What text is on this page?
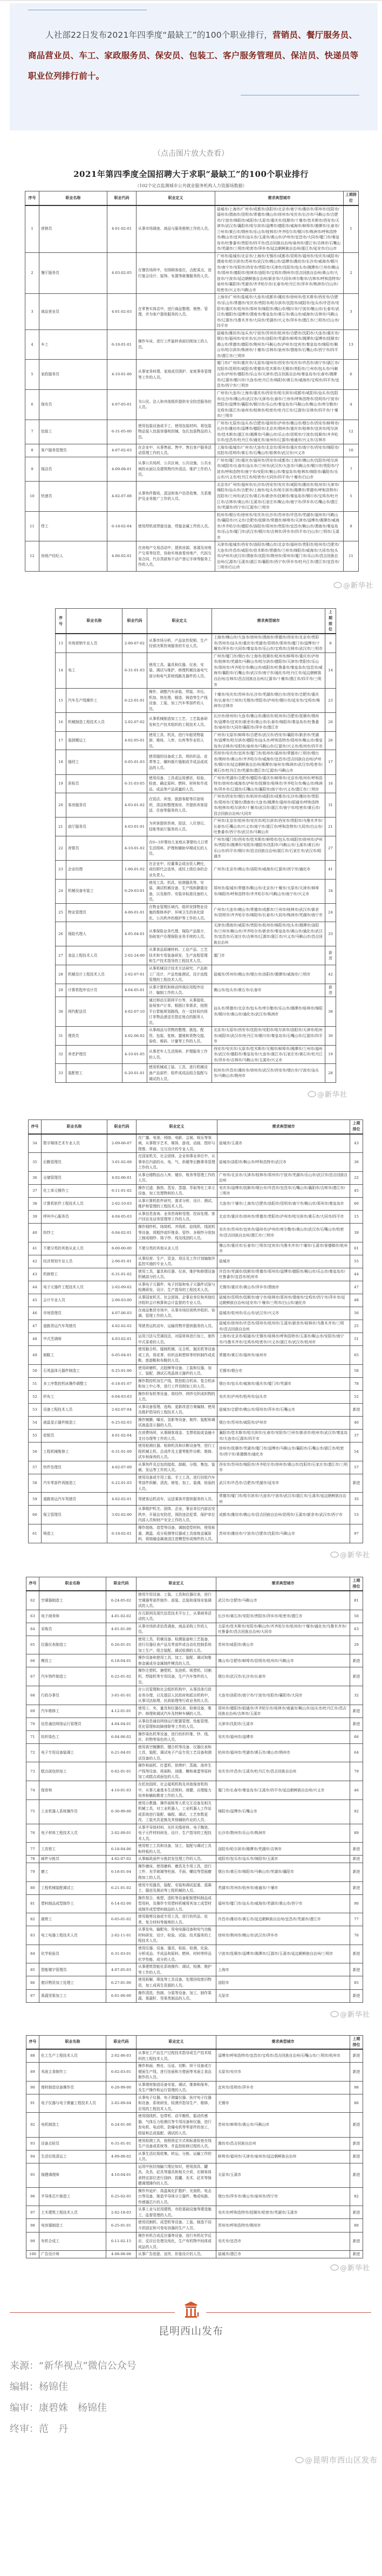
人社部22日发布2021年四季度“最缺工”的100个职业排行，营销员、餐厅服务员、商品营业员、车工、家政服务员、保安员、包装工、客户服务管理员、保洁员、快递员等职业位列排行前十。

（点击图片放大查看）
2021年第四季度全国招聘大于求职“最缺工”的100个职业排行
（102个定点监测城市公共就业服务机构人力资源场数据）
序号	职业名称	职业代码	职业定义	需求典型城市	上期排位
1	营销员	4-01-02-01	从事市场调查、商品与服务推销工作的人员。	盐城市/上海市/广州市/成都市/洛阳市/北京市/南宁市/潍坊市/郑州市/沈阳市/福州市/渭南市/昆明市/常德市/佛山市/徐州市/安庆市/长沙市/马鞍山市/合肥市/宁波市/绵阳市/咸阳市/太原市/重庆市/抚顺市/十堰市/佳木斯市/西安市/天津市/武汉市/襄阳市/哈尔滨市/淄博市/德阳市/威海市/蚌埠市/湘潭市/长春市/兰州市/黄石市/荆州市/乐山市/桂林市/齐齐哈尔市/铜川市/株洲市/呼和浩特市/鞍山市/宜宾市/汕头市/玉溪市/黄山市/泸州市/宜昌市/大同市/厦门市/秦皇岛市/吐鲁番市/贵阳市/四平市/昌吉回族自治州/泉州市/潜江市/吉林市/石嘴山市/芜湖市/三明市/哈密市/萍乡市/延边朝鲜族自治州/湛江市/延安市/白山市	1
2	餐厅服务员	4-03-02-05	在餐饮场所中，安排顾客座位，点配菜点，进行宴会设计、装饰、布置等就餐服务的人员。	广州市/盐城市/北京市/上海市/无锡市/成都市/昆明市/福州市/安庆市/咸阳市/渭南市/哈尔滨市/苏州市/武汉市/佛山市/淄博市/潍坊市/长沙市/威海市/铜川市/南宁市/安阳市/西安市/贵阳市/天津市/沈阳市/包头市/湘潭市/兰州市/鞍山市/郑州市/德阳市/桂林市/洛阳市/宝鸡市/荆州市/昌吉回族自治州/黄山市/大连市/宁波市/延边朝鲜族自治州/新余市/大同市/库尔勒市/吉林市/呼和浩特市/泉州市/襄阳市/芜湖市/齐齐哈尔市/长春市/牡丹江市/萍乡市/株洲市/白山市/哈密市/兴义市/马鞍山市	2
3	商品营业员	4-01-02-03	在零售实体店中，进行商品整理、销售、管理，并为客户提供服务的人员。	上海市/广州市/盐城市/大连市/成都市/潍坊市/徐州市/佳木斯市/西安市/合肥市/乐山市/常德市/安庆市/贵阳市/哈尔滨市/沈阳市/咸阳市/包头市/许昌市/安阳市/重庆市/杭州市/郑州市/绵阳市/佛山市/铜川市/宁波市/鞍山市/长春市/武汉市/德阳市/淄博市/渭南市/秦皇岛市/黄石市/黄山市/威海市/吉林市/马鞍山市/辽源市/乌鲁木齐市/大同市/芜湖市/兴义市/萍乡市/潜江市/三明市/白山市/四平市	3
4	车工	6-18-01-01	操作车床，进行工件旋转表面切削加工的人员。	盐城市/潍坊市/汕头市/宁波市/苏州市/杭州市/合肥市/沈阳市/大连市/重庆市/烟台市/福州市/安庆市/长沙市/洛阳市/芜湖市/蚌埠市/湘潭市/淄博市/抚顺市/黄山市/常德市/德阳市/荆州市/马鞍山市/泸州市/宜宾市/秦皇岛市/绵阳市/鞍山市/哈尔滨市/株洲市/十堰市/吉林市/泉州市/渭南市/石嘴山市/西宁市/四平市/潜江市/三明市	13
5	家政服务员	4-10-01-06	从事家务料理、家庭成员照护、家庭事务管理等工作的人员。	厦门市/广州市/重庆市/太原市/福州市/西安市/安庆市/许昌市/南宁市/湛江市/沈阳市/昆明市/咸阳市/常德市/佳木斯市/无锡市/贵阳市/兰州市/包头市/马鞍山市/泸州市/德阳市/乐山市/天津市/昌吉回族自治州/秦皇岛市/长春市/湘潭市/辽源市/铜川市/大连市/牡丹江市/绵阳市/黄石市/威海市/宝鸡市/四平市/宜昌市/西宁市/三明市	6
6	保安员	4-07-05-01	为公民、法人和其他组织提供安全防范服务的人员。	广州市/大连市/上海市/重庆市/西安市/哈尔滨市/成都市/咸阳市/汕头市/沈阳市/长沙市/佛山市/武汉市/天津市/长春市/兰州市/呼和浩特市/昆明市/宁波市/贵阳市/淄博市/襄阳市/铜川市/乐山市/秦皇岛市/马鞍山市/鞍山市/库尔勒市/宝鸡市/湛江市/泉州市/桂林市/哈密市/牡丹江市/辽源市/吉林市/四平市/十堰市/三明市	4
7	包装工	6-31-05-00	使用包装设备或手工，使用包装材料，将包装物品装入包装容器和封缄、包扎包装物品的人员。	广州市/太原市/汕头市/合肥市/福州市/泸州市/佛山市/烟台市/西安市/蚌埠市/长沙市/潍坊市/淄博市/德阳市/北京市/荆州市/重庆市/桂林市/宜宾市/哈尔滨市/佳木斯市/湛江市/湘潭市/马鞍山市/乐山市/昆明市/宁波市/抚顺市/齐齐哈尔市/宜昌市/牡丹江市/通化市/泉州市/辽源市/南通市/兴义市/吉林市	12
8	客户服务管理员	4-07-02-03	在企业中，从事售前、售中、售后客户服务活动管理工作的人员。	上海市/盐城市/广州市/大连市/北京市/郑州市/重庆市/南宁市/西安市/绵阳市/沈阳市/昆明市/黄石市/石嘴山市/桂林市/武汉市/兴义市	10
9	保洁员	4-09-08-01	从事公共场所、公共区域、公共设施、公共水域的水面以及建筑物内外清洁、维护工作的人员。	广州市/厦门市/重庆市/福州市/西安市/成都市/上海市/佛山市/沈阳市/哈尔滨市/咸阳市/长春市/汕头市/兰州市/武汉市/大连市/马鞍山市/铜川市/贵阳市/宁波市/呼和浩特市/南宁市/安阳市/鞍山市/秦皇岛市/桂林市/绵阳市/襄阳市/乐山市/兴义市/牡丹江市/哈密市/大同市/四平市/十堰市/白山市	7
10	快递员	4-02-07-08	从事快件揽收、派送和客户信息收集、关系维护及业务推广工作的人员。	北京市/广州市/福州市/长沙市/西安市/安庆市/咸阳市/潍坊市/杭州市/天津市/绵阳市/汕头市/合肥市/上海市/包头市/哈尔滨市/湘潭市/常德市/呼和浩特市/沈阳市/兰州市/武汉市/黄石市/新余市/抚顺市/秦皇岛市/铜川市/宝鸡市/牡丹江市/吉林市/黄山市/玉溪市/石家庄市/鞍山市/南宁市/萍乡市/石嘴山市/潜江市/芜湖市/西宁市/辽源市/三明市	5
11	焊工	6-18-02-04	使用焊机或焊接设备，焊接金属工件的人员。	杭州市/烟台市/徐州市/安庆市/长沙市/苏州市/许昌市/芜湖市/福州市/马鞍山市/襄阳市/兴义市/合肥市/抚顺市/常德市/蚌埠市/天津市/淄博市/湘潭市/威海市/齐齐哈尔市/德阳市/洛阳市/郑州市/贵阳市/宜昌市/鞍山市/渭南市/秦皇岛市/乐山市/厦门市/武汉市/铜川市/吉林市/萍乡市/四平市/白山市/三明市/玉溪市	9
12	房地产经纪人	4-06-02-01	在房地产交易活动中，提供房源、客源及房地产交易等信息，协助实地查看房地产，代拟交易合同、代办贷款和不动产登记手续等服务工作的人员。	天津市/盐城市/西安市/洛阳市/佛山市/北京市/福州市/贵阳市/杭州市/合肥市/大连市/许昌市/咸阳市/佳木斯市/常德市/兰州市/绵阳市/威海市/大同市/包头市/泸州市/武汉市/渭南市/沈阳市/荆州市/郑州市/厦门市/乐山市/昌吉回族自治州/辽源市/玉溪市/湛江市/襄阳市/西宁市/萍乡市/牡丹江市/潜江市/宜昌市/三明市/白山市	11
@新华社
序号	职业名称	职业代码	职业定义	需求典型城市	上期排位
13	市场营销专业人员	2-06-07-02	从事市场分析、产品宣传促销、生产经营决策咨询服务的专业人员。	上海市/佛山市/大连市/徐州市/渭南市/常德市/西安市/北京市/贵阳市/苏州市/汕头市/重庆市/芜湖市/昆明市/郑州市/厦门市/淄博市/十堰市/萍乡市/大同市/秦皇岛市/乐山市/宝鸡市/吉林市/武汉市/三明市	8
14	电工	6-31-01-03	使用工具、量具和仪器、仪表，安装、调试与维护、修理机械设备电气部分和电气系统线路及器件的人员。	广州市/厦门市/烟台市/上海市/抚顺市/杭州市/蚌埠市/重庆市/泸州市/桂林市/芜湖市/马鞍山市/哈尔滨市/德阳市/天津市/贵阳市/乐山市/郑州市/齐齐哈尔市/鞍山市/咸阳市/吐鲁番市/秦皇岛市/宜昌市/威海市/襄阳市/石嘴山市/武汉市/南宁市/通化市/牡丹江市/延边朝鲜族自治州/吉林市/昌吉回族自治州/辽源市/十堰市/潜江市/四平市/三明市	14
15	汽车生产线操作工	6-22-01-01	操作、调整汽车涂装、焊装、冲压、机加、热处理、锻造、铸造等生产线设备、工装，加工汽车零部件的人员。	十堰市/安庆市/苏州市/长沙市/芜湖市/烟台市/西安市/合肥市/重庆市/长春市/兰州市/无锡市/贵阳市/泸州市/铜川市/延安市/宝鸡市/株洲市/吉林市	23
16	机械制造工程技术人员	2-02-07-02	从事机械制造加工工艺、工艺装备研发和生产技术组织的工程技术人员。	长沙市/徐州市/大连市/佛山市/潍坊市/杭州市/合肥市/抚顺市/荆州市/淄博市/宜宾市/新余市/黄山市/长春市/绵阳市/秦皇岛市/吐鲁番市/泉州市/大同市/襄阳市/萍乡市/潜江市	20
17	装卸搬运工	4-02-05-01	使用工具、机具，进行车船货物装卸、堆垛、入库、出库等作业的人员。	广州市/太原市/蚌埠市/合肥市/武汉市/西安市/襄阳市/新余市/芜湖市/淄博市/哈尔滨市/德阳市/汕头市/呼和浩特市/郑州市/鞍山市/秦皇岛市/吉林市/安阳市/泉州市/马鞍山市/辽源市/兴义市/杭州市/四平市	26
18	缝纫工	6-05-01-03	使用缝纫设备或工具，将纺织品、皮革等主、辅料裁片缝制成半成品或成品的人员。	苏州市/安庆市/宜宾市/厦门市/杭州市/福州市/常德市/三明市/烟台市/荆州市/黄山市/齐齐哈尔市/威海市/宜昌市/昌吉回族自治州/泸州市/铜川市/延边朝鲜族自治州/湘潭市/泉州市/株洲市/武汉市/哈密市/黄石市/牡丹江市/芜湖市/潜江市/辽源市/马鞍山市	17
19	质检员	6-31-03-05	使用设备、工具或运用感官，检验、检查、确定原料、燃料、材料和半成品、成品等产品质量的人员。	广州市/芜湖市/合肥市/德阳市/重庆市/蚌埠市/北京市/杭州市/呼和浩特市/徐州市/威海市/泸州市/抚顺市/桂林市/齐齐哈尔市/鞍山市/株洲市/萍乡市/辽源市/石嘴山市/襄阳市/南宁市/兴义市/潜江市/三明市	16
20	客房服务员	4-03-01-02	在饭店、宾馆、旅游客船等住宿场所，清洁和整理客房，并提供宾客迎送、住宿等服务的人员。	广州市/西安市/烟台市/杭州市/咸阳市/成都市/长沙市/潍坊市/贵阳市/郑州市/无锡市/渭南市/大连市/湘潭市/福州市/昭通市/呼和浩特市/桂林市/哈尔滨市/十堰市/武汉市/湛江市/南宁市/哈密市/黄石市/昌吉回族自治州/大同市	31
21	前厅服务员	4-03-01-01	为宾客提供咨询、迎送、入住登记、结账等前厅服务的人员。	广州市/北京市/杭州市/安庆市/哈尔滨市/西安市/贵阳市/乌鲁木齐市/长春市/石嘴山市/兴义市/南宁市/湛江市/呼和浩特市/大同市/白山市/吐鲁番市/西宁市/武汉市/马鞍山市	21
22	育婴员	4-10-01-02	在0~3岁婴幼儿家庭从事婴幼儿日常生活照料、护理和辅助早期成长的人员。	广州市/厦门市/西安市/佳木斯市/蚌埠市/包头市/咸阳市/徐州市/泸州市/贵阳市/湘潭市/安阳市/德阳市/沈阳市/马鞍山市/玉溪市/黄石市/乐山市/四平市/铜川市/昌吉回族自治州/湛江市/石家庄市/武汉市/昭通市	27
23	企业经理	1-06-01-02	在企业中，经董事会或出资人聘任，或经职代会选举，或经上级任命的企业负责人。	广州市/北京市/佛山市/洛阳市/威海市/辽源市/西宁市/通化市	41
24	机械设备安装工	6-29-03-01	使用工具、机具、检测器具等，安装、调试机械设备、生产线和静置设备，以及制作、安装非标准设备的人员。	郑州市/盐城市/常德市/鞍山市/北京市/十堰市/太原市/天津市/蚌埠市/绵阳市/呼和浩特市/齐齐哈尔市/马鞍山市/南宁市/兴义市	34
25	物业管理员	4-06-01-01	在物业管理区域内，组织安排物业设施的维修养护、环境卫生的美化绿化、公共秩序的维护等工作的人员。	广州市/大连市/佛山市/常德市/成都市/兰州市/桂林市/武汉市/新余市/昆明市/齐齐哈尔市/绵阳市/长春市/大同市/株洲市/芜湖市/南宁市	24
26	保险代理人	4-05-04-01	从事保险业务代理、保险产品推介，协助客户办理保险业务手续的人员。	天津市/渭南市/咸阳市/贵阳市/杭州市/绵阳市/包头市/湘潭市/洛阳市/兰州市/鞍山市/齐齐哈尔市/新余市/秦皇岛市/黄山市/通化市/武汉市/宜昌市/石家庄市/吉林市/辽源市/湛江市/兴义市/马鞍山市/昌吉回族自治州	33
27	食品工程技术人员	2-02-24-00	从事食品原辅材料、工业产品、工艺技术和专用装备研发，生产流程管理和生产技术指导的工程技术人员。	厦门市	新进
28	机械设计工程技术人员	2-02-07-01	从事机械设计技术方法研究、产品和工厂设计、产品性能测试、设计流程管理的工程技术人员。	盐城市/苏州市/佛山市/烟台市/洛阳市/湘潭市/威海市/三明市	42
29	计算机程序设计员	4-04-05-01	从事计算机和移动终端应用程序设计、编制工作的人员。	佛山市/包头市/黄石市/长春市	新进
30	网约配送员	4-02-07-10	通过移动互联网平台等，从事接收、验视客户订单，根据订单需求，按照平台智能规划路线，在一定时间内将订单物品递送至指定地点的服务人员。	汕头市/常德市/北京市/包头市/库尔勒市/乐山市/湘潭市/桂林市/绵阳市/铜川市/黄山市/通化市/武汉市/株洲市	38
31	理货员	4-02-06-02	从事商品与货物的整理、挑选、配货、包装、复核、置唛和货物交接、验收、堆码、计量等工作的人员。	北京市/太原市/西安市/沈阳市/安阳市/哈尔滨市/洛阳市/天津市/杭州市/咸阳市/武汉市/牡丹江市/铜川市/秦皇岛市/石嘴山市/辽源市/四平市	30
32	养老护理员	4-10-01-05	从事老年人生活照料、护理服务工作的人员。	西安市/安庆市/太原市/佳木斯市/无锡市/蚌埠市/湘潭市/兰州市/福州市/武汉市/德阳市/秦皇岛市/大连市/湛江市/石家庄市/黄石市/牡丹江市/萍乡市/吉林市/马鞍山市/玉溪市/兴义市	19
33	装配钳工	6-20-01-01	使用机械或工装、工具，进行机械设备产品部件、组件或成品组合装配与调试的人员。	杭州市/许昌市/潍坊市/徐州市/武汉市/西安市/烟台市/宁波市/汕头市/马鞍山市/荆州市	28
@新华社
序号	职业名称	职业代码	职业定义	需求典型城市	上期排位
34	数字媒体艺术专业人员	2-09-06-07	在广播、电视、网络、电影、会展、娱乐等领域，从事数字艺术、媒体、游戏、动画、图形与图像、界面、交互设计的专业人员。	盐城市/玉溪市	43
35	后勤管理员	3-01-02-08	在国家机关、社会团体、企业和事业单位中，从事单位内部的水、电、气、供暖等后勤事务管理工作的人员。	盐城市/洛阳市/鞍山市/呼和浩特市/武汉市	36
36	仓储管理员	4-02-06-01	从事仓储物品出入库、储存、账务等管理工作的人员。	广州市/北京市/天津市/桂林市/郑州市/宁波市/芜湖市/乐山市/武汉市/昌吉回族自治州	22
37	化工单元操作工	6-11-01-02	操作过滤、换热、蒸发、蒸馏、萃取等化工单元设备，加工处理物料的人员。	安庆市/淄博市/抚顺市/烟台市/许昌市/宜昌市/石嘴山市/襄阳市/吉林市/潜江市/三明市	45
38	计算机软件工程技术人员	2-02-10-03	从事计算机软件研究、需求分析、设计、测试、维护和管理的工程技术人员。	大连市/十堰市/上海市/合肥市/洛阳市/昆明市/南宁市/鞍山市/郑州市/秦皇岛市	60
39	呼叫中心服务员	4-04-05-03	从事信息查询、业务咨询和受理、投诉处理、客户回访及话务管理等工作的人员。	北京市/重庆市/徐州市/常德市/贵阳市/泸州市/哈尔滨市/黄石市/大同市/四平市	15
40	纺纱工	6-04-02-01	操作细纱机、络筒机、并线机、捻线机、线团机等设备，将粗纱或纤维条、管纱、多根纱分别加工制成细纱、筒子纱、线及线团的人员。	安庆市/苏州市/宜宾市/福州市/泸州市/库尔勒市/黄山市/武汉市/石嘴山市/哈密市/昌吉回族自治州/潜江市/三明市	39
41	不便分类的其他从业人员	8-00-00-00	不便分类的其他从业人员	佛山市/重庆市/长春市/三明市/宜宾市/乌鲁木齐市/十堰市/玉溪市/景德镇市/杭州市	61
42	经济规划专业人员	2-06-01-01	从事经营、生产、资金、项目及工作计划编制并监控实施的专业人员。	盐城市	55
43	机修钳工	6-31-01-02	使用工具、量具和仪器、仪表，维护和修理设备机械部分的人员。	许昌市/芜湖市/抚顺市/常德市/郑州市/淄博市/德阳市/鞍山市/乐山市/秦皇岛市/吐鲁番市/宜昌市/杭州市	44
44	电子元器件工程技术人员	2-02-09-02	从事电子元器件、电子封装和电子元器件试验与检测研发、设计、生产指导的工程技术人员。	无锡市/重庆市/黄山市/萍乡市/渭南市	47
45	会计专业人员	2-06-03-00	从事国家机关、社会团体、企事业单位和其他经济组织会计核算和会计监督的专业人员。	盐城市/昆明市/抚顺市/南宁市/桂林市/郑州市/渭南市/宝鸡市/西宁市/萍乡市/延边朝鲜族自治州/延安市/十堰市/三明市/白山市/通化市	48
46	市场管理员	4-07-06-03	在商品集贸市场中，从事市场经营秩序组织、协调、管理工作的人员。	盐城市/杭州市/乐山市/武汉市/兴义市	56
47	道路货运汽车驾驶员	4-02-02-02	驾驶货运机动车，运输货物并提供服务的人员。	盐城市/徐州市/许昌市/郑州市/杭州市/玉溪市/新余市/桂林市/乌鲁木齐市/三明市/昌吉回族自治州	25
48	中式烹调师	4-03-02-01	运用刀法与烹调技法，对原材料进行加工，制作中式菜肴的人员。	上海市/北京市/昭通市/无锡市/桂林市/呼和浩特市/玉溪市/鞍山市/安阳市/南宁市/乌鲁木齐市/宝鸡市/哈密市/兴义市/湛江市/武汉市/杭州市	51
49	制鞋工	6-05-04-01	使用黏合机、缝制机械、压合机、抛光机等设备或工具，将皮革、纺织品和塑料等材料制作成皮鞋、旅游鞋和布鞋的人员。	常德市/黄石市/福州市/泉州市	65
50	石英晶体元器件制造工	6-25-01-06	使用研磨机、点胶棒等设备、工装和仪器，加工、装配、测试石英晶体元器件的人员。	无锡市/烟台市	58
51	多工序数控机床操作调整工	6-18-01-07	操作数控机加生产线、数控组合机床、复合机床和加工中心等，进行工件切削加工的人员。	烟台市/包头市/威海市/重庆市/厦门市/芜湖市	78
52	织布工	6-04-03-03	操作织布机等设备，将经纱、纬纱交织成织物的人员。	安庆市/泸州市/杭州市/汕头市	52
53	设备工程技术人员	2-02-07-04	从事设备管理、选购、更新改造方案编制、使用及维护指导的工程技术人员。	盐城市/合肥市/佛山市/郑州市/萍乡市/石嘴山市	新进
54	液晶显示器件制造工	6-25-02-03	操作镀膜、曝光、显影等设备，制作、装配和调试液晶显示器的人员。	烟台市/苏州市/咸阳市/泸州市	40
55	收银员	4-01-02-04	在消费场所，从事顾客现金、支票收取或金融卡支付办理等工作的人员。	襄阳市/佳木斯市/哈尔滨市/长春市/安阳市/兰州市/新余市/杭州市/武汉市/秦皇岛市/大连市/辽源市/四平市	37
56	工程机械维修工	6-31-01-09	使用检测仪器、检修机具和诊断设备等，进行工程机械主机、总成件及主要零配件诊断、维修、试车和保养的人员。	徐州市/抚顺市/芜湖市/厦门市/淄博市/马鞍山市/襄阳市/石嘴山市/湛江市/哈密市/西宁市/景德镇市/通化市	54
57	快件处理员	4-02-07-09	从事快件及总包的接收、卸载、分拨、集包、装载、发运等工作的人员。	西安市/苏州市/绵阳市/齐齐哈尔市/徐州市/黄山市/沈阳市/石家庄市/潜江市/三明市	57
58	汽车零部件再制造工	6-22-01-03	使用设备或专用工装、手工工具，进行回收汽车零部件拆解、清洗、修复、加工、装调、检验的人员。	武汉市/许昌市/合肥市/芜湖市/延安市	新进
59	道路客运汽车驾驶员	4-02-02-01	驾驶客运机动车，运送乘客并提供服务的人员。	常德市/厦门市/哈尔滨市/大连市/宁波市/武汉市/湛江市/玉溪市/延边朝鲜族自治州	35
60	保卫管理员	3-02-02-00	从事维护机关、团体、企业、事业单位内部治安秩序，开展治安防范，预防违法犯罪，保护单位内部人员和财产安全工作的人员。	成都市/潍坊市/佛山市/昌吉回族自治州/昆明市/玉溪市/新余市/武汉市/西宁市	53
61	铸造工	6-18-02-01	操作熔炼、造型等设备，调制造型材料，使用称重、测温、成分检测等仪器或工具熔炼金属原料，将熔融金属液浇注进模型形成铸件的人员。	苏州市/潍坊市/宁波市/合肥市/沈阳市/马鞍山市	97
@新华社
序号	职业名称	职业代码	职业定义	需求典型城市	上期排位
62	空调器制造工	6-24-05-02	使用专用设备、工装、工具和仪器仪表，进行空调器零部件制作、部装、总装和现场安装调试的人员。	武汉市/合肥市/马鞍山市	81
63	电子商务师	4-01-02-02	在互联网及现代信息技术平台上，从事商务活动的人员。	长沙市/黄石市/安阳市/贵阳市/萍乡市/哈密市/潜江市	50
64	采购员	4-01-01-00	从事市场供求信息调查、商品采购工作的人员。	太原市/佳木斯市/安阳市/鞍山市/齐齐哈尔市/杭州市/十堰市/通化市/乌鲁木齐市/吐鲁番市/昌吉回族自治州/大同市	63
65	仪器仪表制造工	6-26-01-01	使用工具、机械设备、检测装备和工艺装备，进行仪器仪表产品及零部件或自动化控制系统加工生产、组合装配、调试检测的人员。	苏州市/咸阳市/黄山市	29
66	模具工	6-18-04-01	操作设备和使用工具，加工、装配、调试和维修金属或非金属制件模具的人员。	佛山市/合肥市/蚌埠市/昆明市/杭州市/马鞍山市	新进
67	汽车饰件制造工	6-22-01-02	操作注塑机、搪塑机、发泡机、吸塑机、切割机、焊接机等专用设备，生产汽车饰件的人员。	烟台市/武汉市/长沙市/长春市	新进
68	行政办事员	3-01-01-01	在公共管理和社会组织机构中，从事具体行政业务办理，以及基层人民政府和派出机构中，从事司法助理、民政助理等行政业务的人员。	大连市/洛阳市/南宁市/宁波市/安阳市/襄阳市/大同市	32
69	汽车维修工	4-12-01-01	使用工、夹、量具和仪器仪表、检修设备，维护、修理和调试汽车及特种车辆的人员。	郑州市/德阳市/昭通市/齐齐哈尔市/桂林市/南通市/鞍山市/汕头市/牡丹江市/昌吉回族自治州/吉林市/玉溪市	新进
70	信息通信网络运行管理员	4-04-04-01	从事信息通信网络运行配置管理、性能管理、优化管理和故障排除等工作的人员。	天津市/沈阳市/玉溪市	新进
71	纺织染色工	6-04-06-02	操作染色机等设备，进行纺织纤维、纱、线、丝、织物等染色的人员。	安庆市/福州市/淄博市	66
72	电子专用设备装调工	6-21-04-01	使用真空镀膜机、键合机等设备、仪器仪表和工具，装配、调试电子产品专用工艺设备和测试设备的人员。	杭州市/福州市/芜湖市/黄石市/黄山市/荆州市	64
73	糕点面包烘焙工	6-02-01-01	操作和面机、打蛋机、烘烤炉、蒸箱、油炸生产线等设备，将面粉、油脂、糖和禽蛋等原料加工成糕点或面包的人员。	安庆市/许昌市/玉溪市/牡丹江市/昌吉回族自治州	79
74	保育师	4-10-01-03	在托幼园所、社会福利机构及其他保育机构中，从事儿童基本生活照料、保健、自理能力培养和辅助教育工作的人员。	厦门市/长春市/秦皇岛市/玉溪市/四平市/延边朝鲜族自治州/兴义市	46
75	工业机器人系统操作员	6-30-99-00	使用示教器、操作面板等人机交互设备及相关机械工具，对工业机器人、工业机器人工作站或系统进行装配、编程、调试、工艺参数更改、工装夹具更换及其他辅助作业的人员。	绵阳市/淄博市/石嘴山市	92
76	电子材料工程技术人员	2-02-09-01	从事半导体材料、光纤光缆材料、电子陶瓷、电子元件材料研发、设计、生产指导的工程技术人员。	长沙市/荆州市/乐山市/株洲市	89
77	工具钳工	6-18-04-06	使用钳工工具和设备，加工、装配与调试工具和样板的人员。	洛阳市/哈尔滨市/湘潭市/芜湖市/吉林市	新进
78	邮件分拣员	4-02-07-02	从事邮政函件分拣封发处理工作的人员。	咸阳市/包头市/汕头市/绵阳市/玉溪市	新进
79	磨工	6-18-01-04	操作磨床，使用磨料、磨具及专用工具，进行工件、光学玻璃等柱面、平面、螺纹等型面磨削加工的人员。	烟台市/黄石市/绵阳市/马鞍山市/芜湖市/襄阳市	新进
80	工程机械装配调试工	6-21-01-02	使用专用器具，装配、安装和调试起重、混凝土、掘进及凿岩等工程机械的人员。	芜湖市/苏州市/杭州市/南通市/十堰市	新进
81	塑料制品成型制作工	6-14-02-00	操作捏合、炼塑、造粒等设备配制塑料制品成型用料，及操作专用塑料机械将其加工成型材或制作成型塑料制品的人员。	福州市/厦门市/汕头市/威海市/芜湖市/黄山市/西宁市	90
82	裁剪工	6-05-01-02	使用裁剪设备或专用工具，进行纺织品、皮革、复合材料等裁剪的人员。	许昌市/潍坊市/黄石市/延边朝鲜族自治州/宜昌市/芜湖市/潜江市	77
83	电工电器工程技术人员	2-02-11-01	从事发电、输配电、用电电器设备和电气功能材料研发、设计、检验、试验、技术服务的工程技术人员。	徐州市/荆州市/佛山市/武汉市/萍乡市	76
84	化学检验员	6-31-03-01	使用仪器、设备、器具，检验、检测、化验、分析成品、半成品和原料、燃料、材料等样品化学性能、成分的人员。	宁波市/抚顺市/淄博市/湘潭市/辽源市/玉溪市/延边朝鲜族自治州/三明市	新进
85	智能楼宇管理员	4-07-05-03	从事建筑智能化系统操作、调试、检测、维护等工作的人员。	上海市	新进
86	废旧物资加工处理工	6-27-01-00	使用拆解、筛选等工具设备，处理回收废旧物资，加工成再生资源的人员。	洛阳市	85
87	果蔬坚果加工工	6-01-06-00	操作清洗、热制、分装等设备，加工、制作果蔬、果蔬籽、坚果类制品的人员。	太原市	新进
@新华社
序号	职业名称	职业代码	职业定义	需求典型城市	上期排位
88	化工生产工程技术人员	2-02-06-03	从事化工产品生产过程技术指导或生产技术组织的工程技术人员。	淄博市/呼和浩特市/宜昌市/宝鸡市/昌吉回族自治州/石嘴山市/三明市/杭州市	新进
89	米面主食制作工	6-02-03-01	操作和面、熟化、压延、切断、烘干设备或方便面生产线，进行挂面和方便面等米面主食品制作的人员。	太原市/安庆市	新进
90	增材制造设备操作员	6-20-99-00	从事增材制造设备安装、调试、维修和保养，及生产操作和运行管理的人员。	宜宾市/昆明市/萍乡市	98
91	电子仪器与电子测量工程技术人员	2-02-09-04	从事电子仪器、电子测量仪器、医疗电子仪器和设备、系统研发、检测并指导生产、维修、应用的工程技术人员。	无锡市	86
92	电机制造工	6-24-01-00	使用绕线机、包带机、动平衡机、振动传感器、气体压力检测仪等专用设备和仪器，进行发电机、电动机、防爆电机等零部件的加工、组装和总成装配、调试的人员。	苏州市/蚌埠市/黄山市/马鞍山市	新进
93	设备点检员	6-31-01-01	使用检测工具，按照预定方式和标准检查在线生产设备或系统等，并监控检修过程的人员。	潍坊市/昌吉回族自治州	新进
94	生活垃圾清运工	4-09-08-02	从事生活垃圾收集、转运、分拣、运输工作的人员。	蚌埠市/福州市/天津市/泉州市/延边朝鲜族自治州	新进
95	保健调理师	4-10-04-01	运用中医经络腧穴理论知识，使用刮具、罐具、灸具、砭具等器具和相关介质，在顾客体表特定部位进行刮痧、拔罐、灸术、砭术等保健调理操作的人员。	太原市/玉溪市	新进
96	半导体芯片制造工	6-25-02-05	操作外延炉、高温氧化扩散炉、光刻机、电击台等设备，制造半导体分立器件、集成电路、传感器芯片的人员。	烟台市/萍乡市/黄山市/泉州市/西宁市	82
97	土木建筑工程技术人员	2-02-18-03	从事工业与民用建筑、市政基础设施等建造施工、监督管理的人员。	安庆市/呼和浩特市/抚顺市/哈密市/芜湖市/玉溪市	新进
98	电容器制造工	6-25-01-01	使用切割机、成型机等设备、工装，制造不同介质固定和可变电容器的生产人员。	苏州市/呼和浩特市/荆州市	80
99	有机合成工	6-11-02-15	操作有机合成反应器等设备，进行有机化学反应、反应后处理及纯化，生产有机物中间体或成品的人员。	安庆市/宜昌市	新进
100	广告设计师	4-08-08-08	从事广告创意、宣传、形象设计的人员。	盐城市/潜江市	新进
@新华社
昆明西山发布
来源：“新华视点”微信公众号
编辑：杨锦佳
编审：康碧姝　杨锦佳
终审：范　丹
@昆明市西山区发布
